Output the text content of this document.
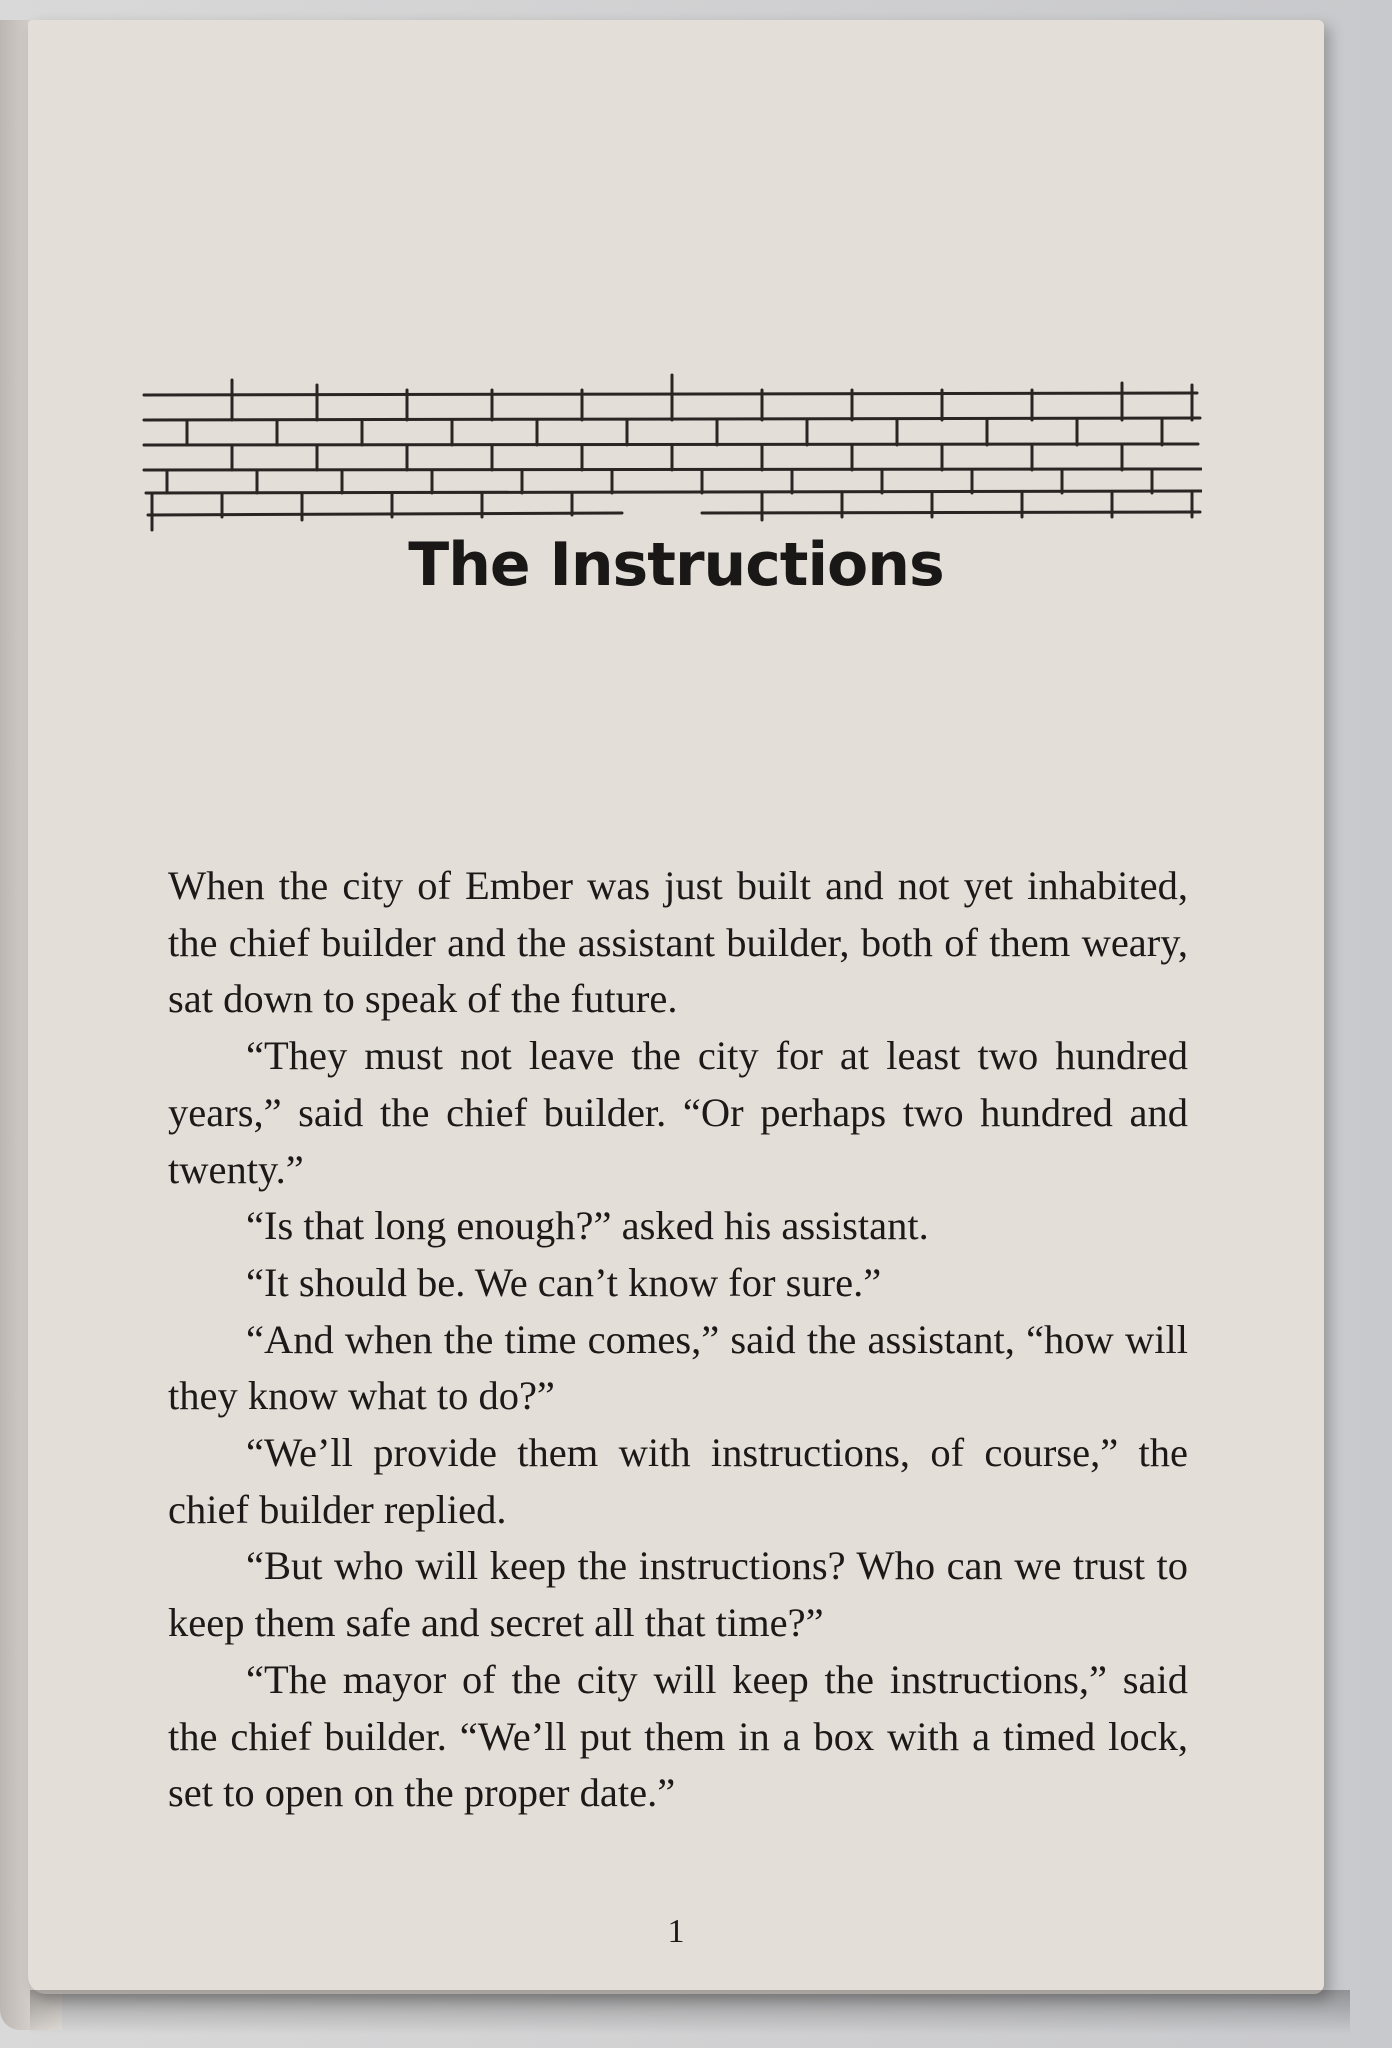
The Instructions

When the city of Ember was just built and not yet inhabited, the chief builder and the assistant builder, both of them weary, sat down to speak of the future.

“They must not leave the city for at least two hundred years,” said the chief builder. “Or perhaps two hundred and twenty.”

“Is that long enough?” asked his assistant.

“It should be. We can’t know for sure.”

“And when the time comes,” said the assistant, “how will they know what to do?”

“We’ll provide them with instructions, of course,” the chief builder replied.

“But who will keep the instructions? Who can we trust to keep them safe and secret all that time?”

“The mayor of the city will keep the instructions,” said the chief builder. “We’ll put them in a box with a timed lock, set to open on the proper date.”

1
